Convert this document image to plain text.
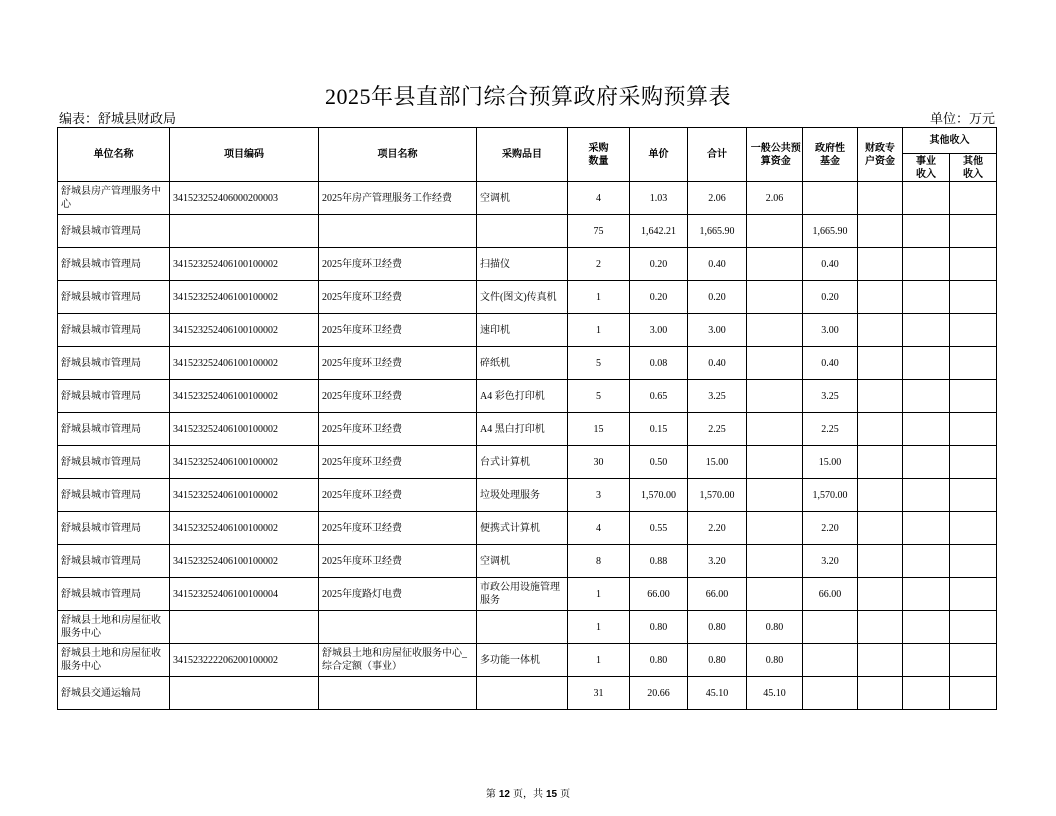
2025年县直部门综合预算政府采购预算表
编表：舒城县财政局	单位：万元
单位名称	项目编码	项目名称	采购品目	采购数量	单价	合计	一般公共预算资金	政府性基金	财政专户资金	其他收入	
										事业收入	其他收入
舒城县房产管理服务中心	341523252406000200003	2025年房产管理服务工作经费	空调机	4	1.03	2.06	2.06				
舒城县城市管理局				75	1,642.21	1,665.90		1,665.90			
舒城县城市管理局	341523252406100100002	2025年度环卫经费	扫描仪	2	0.20	0.40		0.40			
舒城县城市管理局	341523252406100100002	2025年度环卫经费	文件(图文)传真机	1	0.20	0.20		0.20			
舒城县城市管理局	341523252406100100002	2025年度环卫经费	速印机	1	3.00	3.00		3.00			
舒城县城市管理局	341523252406100100002	2025年度环卫经费	碎纸机	5	0.08	0.40		0.40			
舒城县城市管理局	341523252406100100002	2025年度环卫经费	A4 彩色打印机	5	0.65	3.25		3.25			
舒城县城市管理局	341523252406100100002	2025年度环卫经费	A4 黑白打印机	15	0.15	2.25		2.25			
舒城县城市管理局	341523252406100100002	2025年度环卫经费	台式计算机	30	0.50	15.00		15.00			
舒城县城市管理局	341523252406100100002	2025年度环卫经费	垃圾处理服务	3	1,570.00	1,570.00		1,570.00			
舒城县城市管理局	341523252406100100002	2025年度环卫经费	便携式计算机	4	0.55	2.20		2.20			
舒城县城市管理局	341523252406100100002	2025年度环卫经费	空调机	8	0.88	3.20		3.20			
舒城县城市管理局	341523252406100100004	2025年度路灯电费	市政公用设施管理服务	1	66.00	66.00		66.00			
舒城县土地和房屋征收服务中心				1	0.80	0.80	0.80				
舒城县土地和房屋征收服务中心	341523222206200100002	舒城县土地和房屋征收服务中心_综合定额（事业）	多功能一体机	1	0.80	0.80	0.80				
舒城县交通运输局				31	20.66	45.10	45.10				
第 12 页，共 15 页
